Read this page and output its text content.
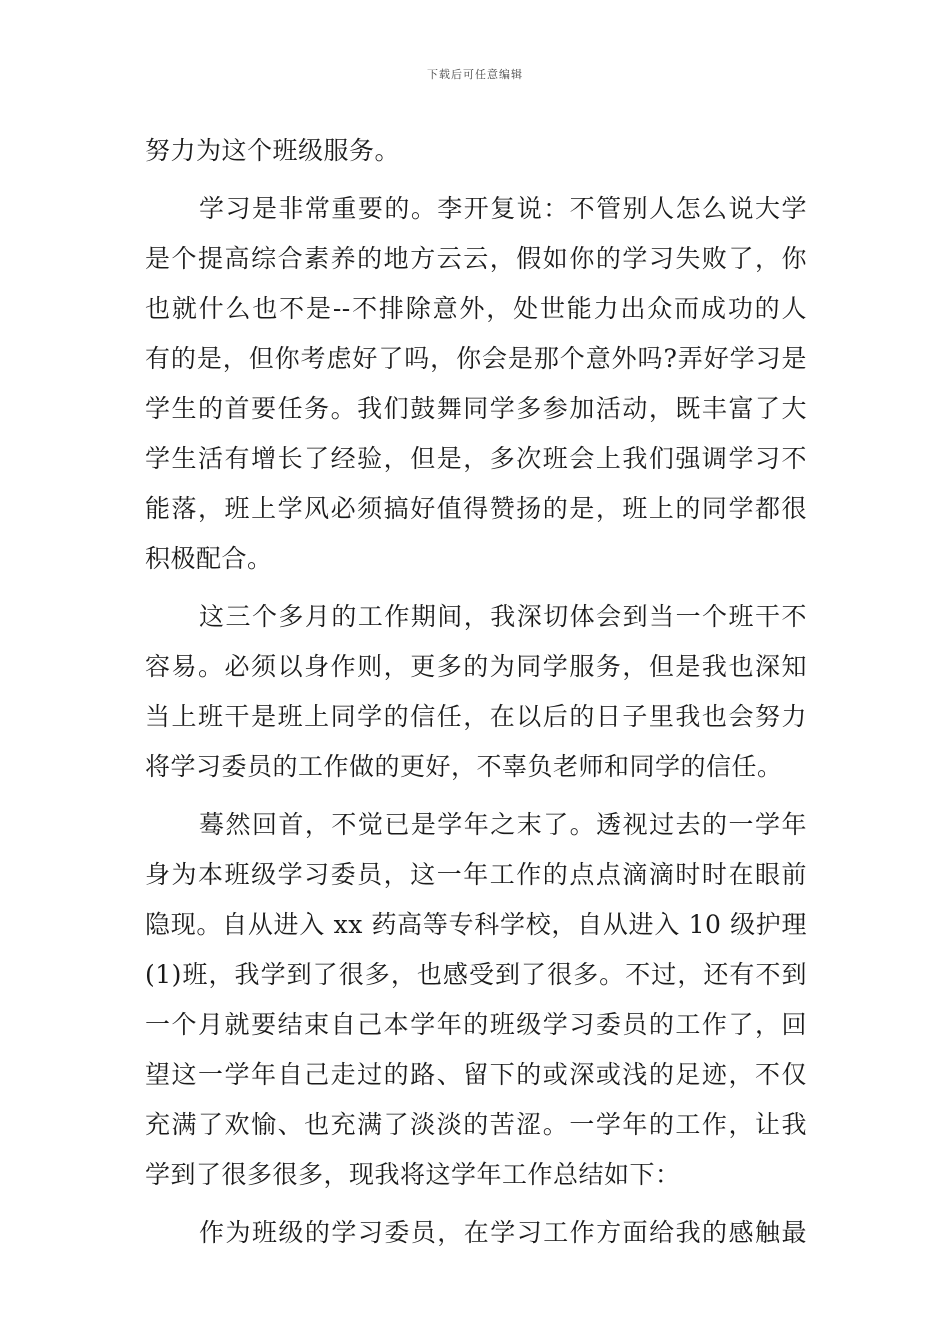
下载后可任意编辑
努力为这个班级服务。
学习是非常重要的。李开复说：不管别人怎么说大学
是个提高综合素养的地方云云，假如你的学习失败了，你
也就什么也不是--不排除意外，处世能力出众而成功的人
有的是，但你考虑好了吗，你会是那个意外吗?弄好学习是
学生的首要任务。我们鼓舞同学多参加活动，既丰富了大
学生活有增长了经验，但是，多次班会上我们强调学习不
能落，班上学风必须搞好值得赞扬的是，班上的同学都很
积极配合。
这三个多月的工作期间，我深切体会到当一个班干不
容易。必须以身作则，更多的为同学服务，但是我也深知
当上班干是班上同学的信任，在以后的日子里我也会努力
将学习委员的工作做的更好，不辜负老师和同学的信任。
蓦然回首，不觉已是学年之末了。透视过去的一学年
身为本班级学习委员，这一年工作的点点滴滴时时在眼前
隐现。自从进入 xx 药高等专科学校，自从进入 10 级护理
(1)班，我学到了很多，也感受到了很多。不过，还有不到
一个月就要结束自己本学年的班级学习委员的工作了，回
望这一学年自己走过的路、留下的或深或浅的足迹，不仅
充满了欢愉、也充满了淡淡的苦涩。一学年的工作，让我
学到了很多很多，现我将这学年工作总结如下：
作为班级的学习委员，在学习工作方面给我的感触最
